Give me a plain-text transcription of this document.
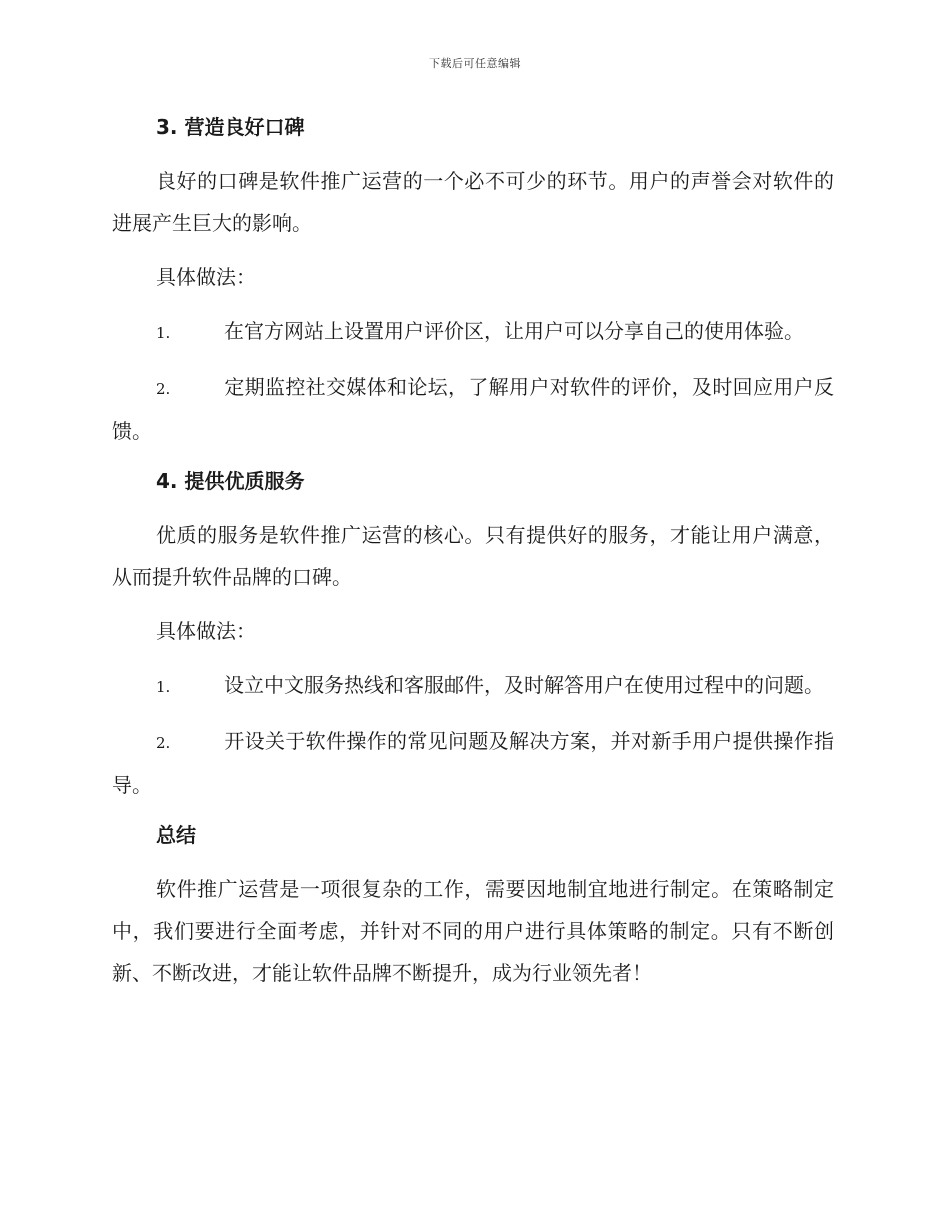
下载后可任意编辑
3. 营造良好口碑
良好的口碑是软件推广运营的一个必不可少的环节。用户的声誉会对软件的进展产生巨大的影响。
具体做法：
1.	在官方网站上设置用户评价区，让用户可以分享自己的使用体验。
2.	定期监控社交媒体和论坛，了解用户对软件的评价，及时回应用户反馈。
4. 提供优质服务
优质的服务是软件推广运营的核心。只有提供好的服务，才能让用户满意，从而提升软件品牌的口碑。
具体做法：
1.	设立中文服务热线和客服邮件，及时解答用户在使用过程中的问题。
2.	开设关于软件操作的常见问题及解决方案，并对新手用户提供操作指导。
总结
软件推广运营是一项很复杂的工作，需要因地制宜地进行制定。在策略制定中，我们要进行全面考虑，并针对不同的用户进行具体策略的制定。只有不断创新、不断改进，才能让软件品牌不断提升，成为行业领先者！
